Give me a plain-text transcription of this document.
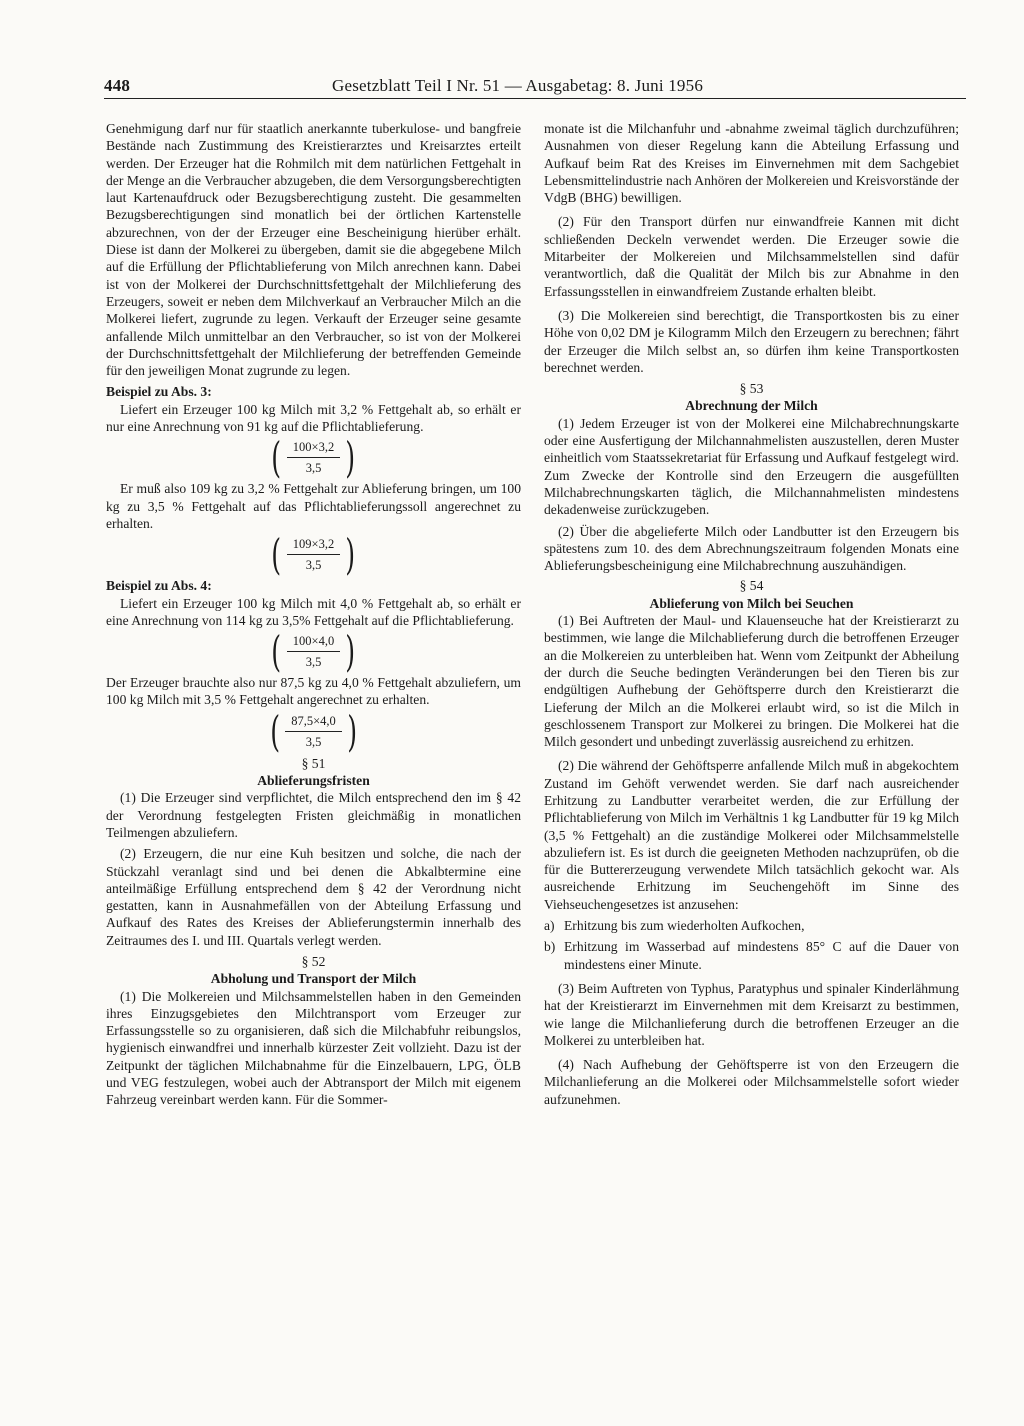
448	Gesetzblatt Teil I Nr. 51 — Ausgabetag: 8. Juni 1956

Genehmigung darf nur für staatlich anerkannte tuberkulose- und bangfreie Bestände nach Zustimmung des Kreistierarztes und Kreisarztes erteilt werden. Der Erzeuger hat die Rohmilch mit dem natürlichen Fettgehalt in der Menge an die Verbraucher abzugeben, die dem Versorgungsberechtigten laut Kartenaufdruck oder Bezugsberechtigung zusteht. Die gesammelten Bezugsberechtigungen sind monatlich bei der örtlichen Kartenstelle abzurechnen, von der der Erzeuger eine Bescheinigung hierüber erhält. Diese ist dann der Molkerei zu übergeben, damit sie die abgegebene Milch auf die Erfüllung der Pflichtablieferung von Milch anrechnen kann. Dabei ist von der Molkerei der Durchschnittsfettgehalt der Milchlieferung des Erzeugers, soweit er neben dem Milchverkauf an Verbraucher Milch an die Molkerei liefert, zugrunde zu legen. Verkauft der Erzeuger seine gesamte anfallende Milch unmittelbar an den Verbraucher, so ist von der Molkerei der Durchschnittsfettgehalt der Milchlieferung der betreffenden Gemeinde für den jeweiligen Monat zugrunde zu legen.

Beispiel zu Abs. 3:

Liefert ein Erzeuger 100 kg Milch mit 3,2 % Fettgehalt ab, so erhält er nur eine Anrechnung von 91 kg auf die Pflichtablieferung.

( $\frac{100\times 3,2}{3,5}$ )

Er muß also 109 kg zu 3,2 % Fettgehalt zur Ablieferung bringen, um 100 kg zu 3,5 % Fettgehalt auf das Pflichtablieferungssoll angerechnet zu erhalten.

( $\frac{109\times 3,2}{3,5}$ )

Beispiel zu Abs. 4:

Liefert ein Erzeuger 100 kg Milch mit 4,0 % Fettgehalt ab, so erhält er eine Anrechnung von 114 kg zu 3,5% Fettgehalt auf die Pflichtablieferung.

( $\frac{100\times 4,0}{3,5}$ )

Der Erzeuger brauchte also nur 87,5 kg zu 4,0 % Fettgehalt abzuliefern, um 100 kg Milch mit 3,5 % Fettgehalt angerechnet zu erhalten.

( $\frac{87,5\times 4,0}{3,5}$ )

§ 51

Ablieferungsfristen

(1) Die Erzeuger sind verpflichtet, die Milch entsprechend den im § 42 der Verordnung festgelegten Fristen gleichmäßig in monatlichen Teilmengen abzuliefern.

(2) Erzeugern, die nur eine Kuh besitzen und solche, die nach der Stückzahl veranlagt sind und bei denen die Abkalbtermine eine anteilmäßige Erfüllung entsprechend dem § 42 der Verordnung nicht gestatten, kann in Ausnahmefällen von der Abteilung Erfassung und Aufkauf des Rates des Kreises der Ablieferungstermin innerhalb des Zeitraumes des I. und III. Quartals verlegt werden.

§ 52

Abholung und Transport der Milch

(1) Die Molkereien und Milchsammelstellen haben in den Gemeinden ihres Einzugsgebietes den Milchtransport vom Erzeuger zur Erfassungsstelle so zu organisieren, daß sich die Milchabfuhr reibungslos, hygienisch einwandfrei und innerhalb kürzester Zeit vollzieht. Dazu ist der Zeitpunkt der täglichen Milchabnahme für die Einzelbauern, LPG, ÖLB und VEG festzulegen, wobei auch der Abtransport der Milch mit eigenem Fahrzeug vereinbart werden kann. Für die Sommer-

monate ist die Milchanfuhr und -abnahme zweimal täglich durchzuführen; Ausnahmen von dieser Regelung kann die Abteilung Erfassung und Aufkauf beim Rat des Kreises im Einvernehmen mit dem Sachgebiet Lebensmittelindustrie nach Anhören der Molkereien und Kreisvorstände der VdgB (BHG) bewilligen.

(2) Für den Transport dürfen nur einwandfreie Kannen mit dicht schließenden Deckeln verwendet werden. Die Erzeuger sowie die Mitarbeiter der Molkereien und Milchsammelstellen sind dafür verantwortlich, daß die Qualität der Milch bis zur Abnahme in den Erfassungsstellen in einwandfreiem Zustande erhalten bleibt.

(3) Die Molkereien sind berechtigt, die Transportkosten bis zu einer Höhe von 0,02 DM je Kilogramm Milch den Erzeugern zu berechnen; fährt der Erzeuger die Milch selbst an, so dürfen ihm keine Transportkosten berechnet werden.

§ 53

Abrechnung der Milch

(1) Jedem Erzeuger ist von der Molkerei eine Milchabrechnungskarte oder eine Ausfertigung der Milchannahmelisten auszustellen, deren Muster einheitlich vom Staatssekretariat für Erfassung und Aufkauf festgelegt wird. Zum Zwecke der Kontrolle sind den Erzeugern die ausgefüllten Milchabrechnungskarten täglich, die Milchannahmelisten mindestens dekadenweise zurückzugeben.

(2) Über die abgelieferte Milch oder Landbutter ist den Erzeugern bis spätestens zum 10. des dem Abrechnungszeitraum folgenden Monats eine Ablieferungsbescheinigung eine Milchabrechnung auszuhändigen.

§ 54

Ablieferung von Milch bei Seuchen

(1) Bei Auftreten der Maul- und Klauenseuche hat der Kreistierarzt zu bestimmen, wie lange die Milchablieferung durch die betroffenen Erzeuger an die Molkereien zu unterbleiben hat. Wenn vom Zeitpunkt der Abheilung der durch die Seuche bedingten Veränderungen bei den Tieren bis zur endgültigen Aufhebung der Gehöftsperre durch den Kreistierarzt die Lieferung der Milch an die Molkerei erlaubt wird, so ist die Milch in geschlossenem Transport zur Molkerei zu bringen. Die Molkerei hat die Milch gesondert und unbedingt zuverlässig ausreichend zu erhitzen.

(2) Die während der Gehöftsperre anfallende Milch muß in abgekochtem Zustand im Gehöft verwendet werden. Sie darf nach ausreichender Erhitzung zu Landbutter verarbeitet werden, die zur Erfüllung der Pflichtablieferung von Milch im Verhältnis 1 kg Landbutter für 19 kg Milch (3,5 % Fettgehalt) an die zuständige Molkerei oder Milchsammelstelle abzuliefern ist. Es ist durch die geeigneten Methoden nachzuprüfen, ob die für die Buttererzeugung verwendete Milch tatsächlich gekocht war. Als ausreichende Erhitzung im Seuchengehöft im Sinne des Viehseuchengesetzes ist anzusehen:

a) Erhitzung bis zum wiederholten Aufkochen,

b) Erhitzung im Wasserbad auf mindestens 85° C auf die Dauer von mindestens einer Minute.

(3) Beim Auftreten von Typhus, Paratyphus und spinaler Kinderlähmung hat der Kreistierarzt im Einvernehmen mit dem Kreisarzt zu bestimmen, wie lange die Milchanlieferung durch die betroffenen Erzeuger an die Molkerei zu unterbleiben hat.

(4) Nach Aufhebung der Gehöftsperre ist von den Erzeugern die Milchanlieferung an die Molkerei oder Milchsammelstelle sofort wieder aufzunehmen.
